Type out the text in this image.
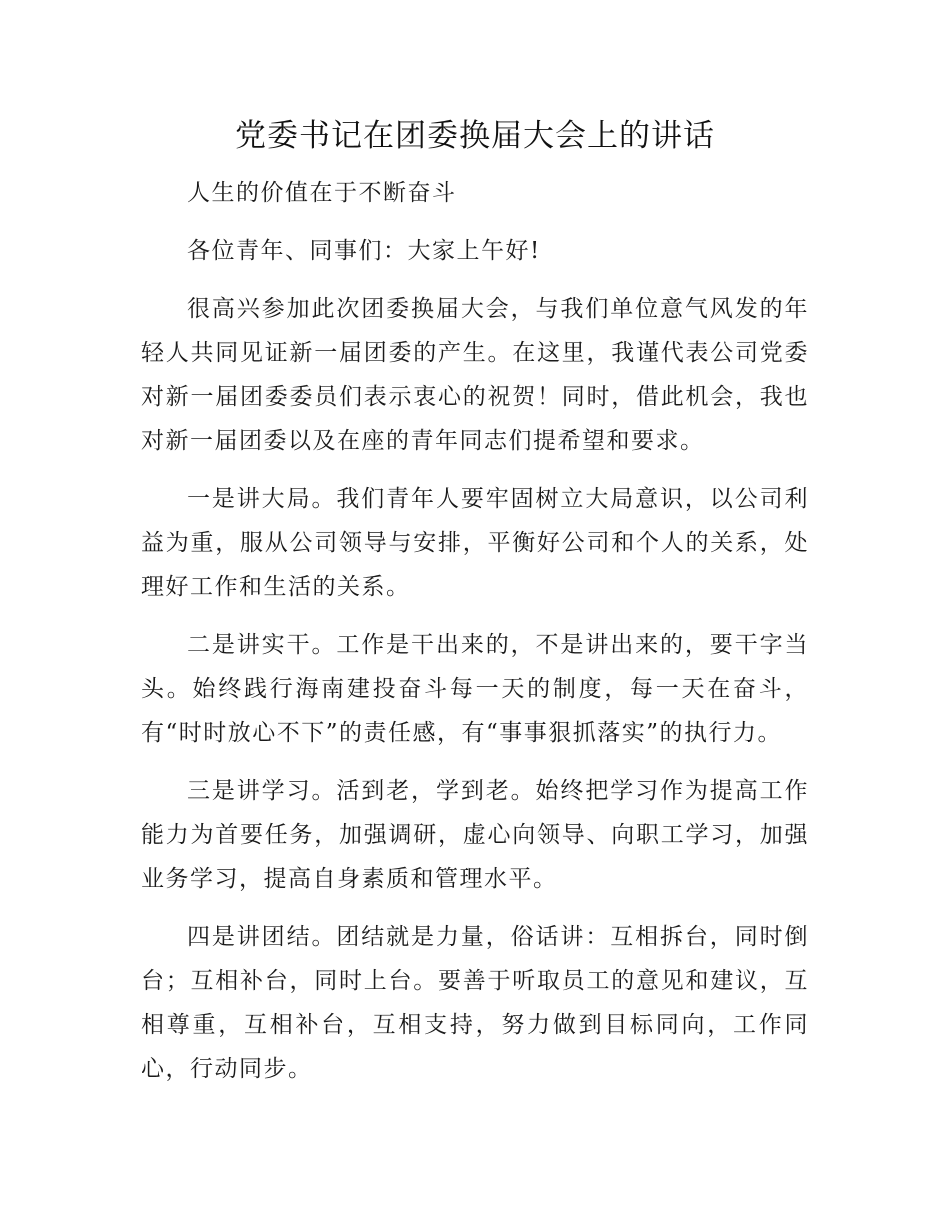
党委书记在团委换届大会上的讲话

人生的价值在于不断奋斗

各位青年、同事们：大家上午好!

很高兴参加此次团委换届大会，与我们单位意气风发的年轻人共同见证新一届团委的产生。在这里，我谨代表公司党委对新一届团委委员们表示衷心的祝贺！同时，借此机会，我也对新一届团委以及在座的青年同志们提希望和要求。

一是讲大局。我们青年人要牢固树立大局意识，以公司利益为重，服从公司领导与安排，平衡好公司和个人的关系，处理好工作和生活的关系。

二是讲实干。工作是干出来的，不是讲出来的，要干字当头。始终践行海南建投奋斗每一天的制度，每一天在奋斗，有“时时放心不下”的责任感，有“事事狠抓落实”的执行力。

三是讲学习。活到老，学到老。始终把学习作为提高工作能力为首要任务，加强调研，虚心向领导、向职工学习，加强业务学习，提高自身素质和管理水平。

四是讲团结。团结就是力量，俗话讲：互相拆台，同时倒台；互相补台，同时上台。要善于听取员工的意见和建议，互相尊重，互相补台，互相支持，努力做到目标同向，工作同心，行动同步。
